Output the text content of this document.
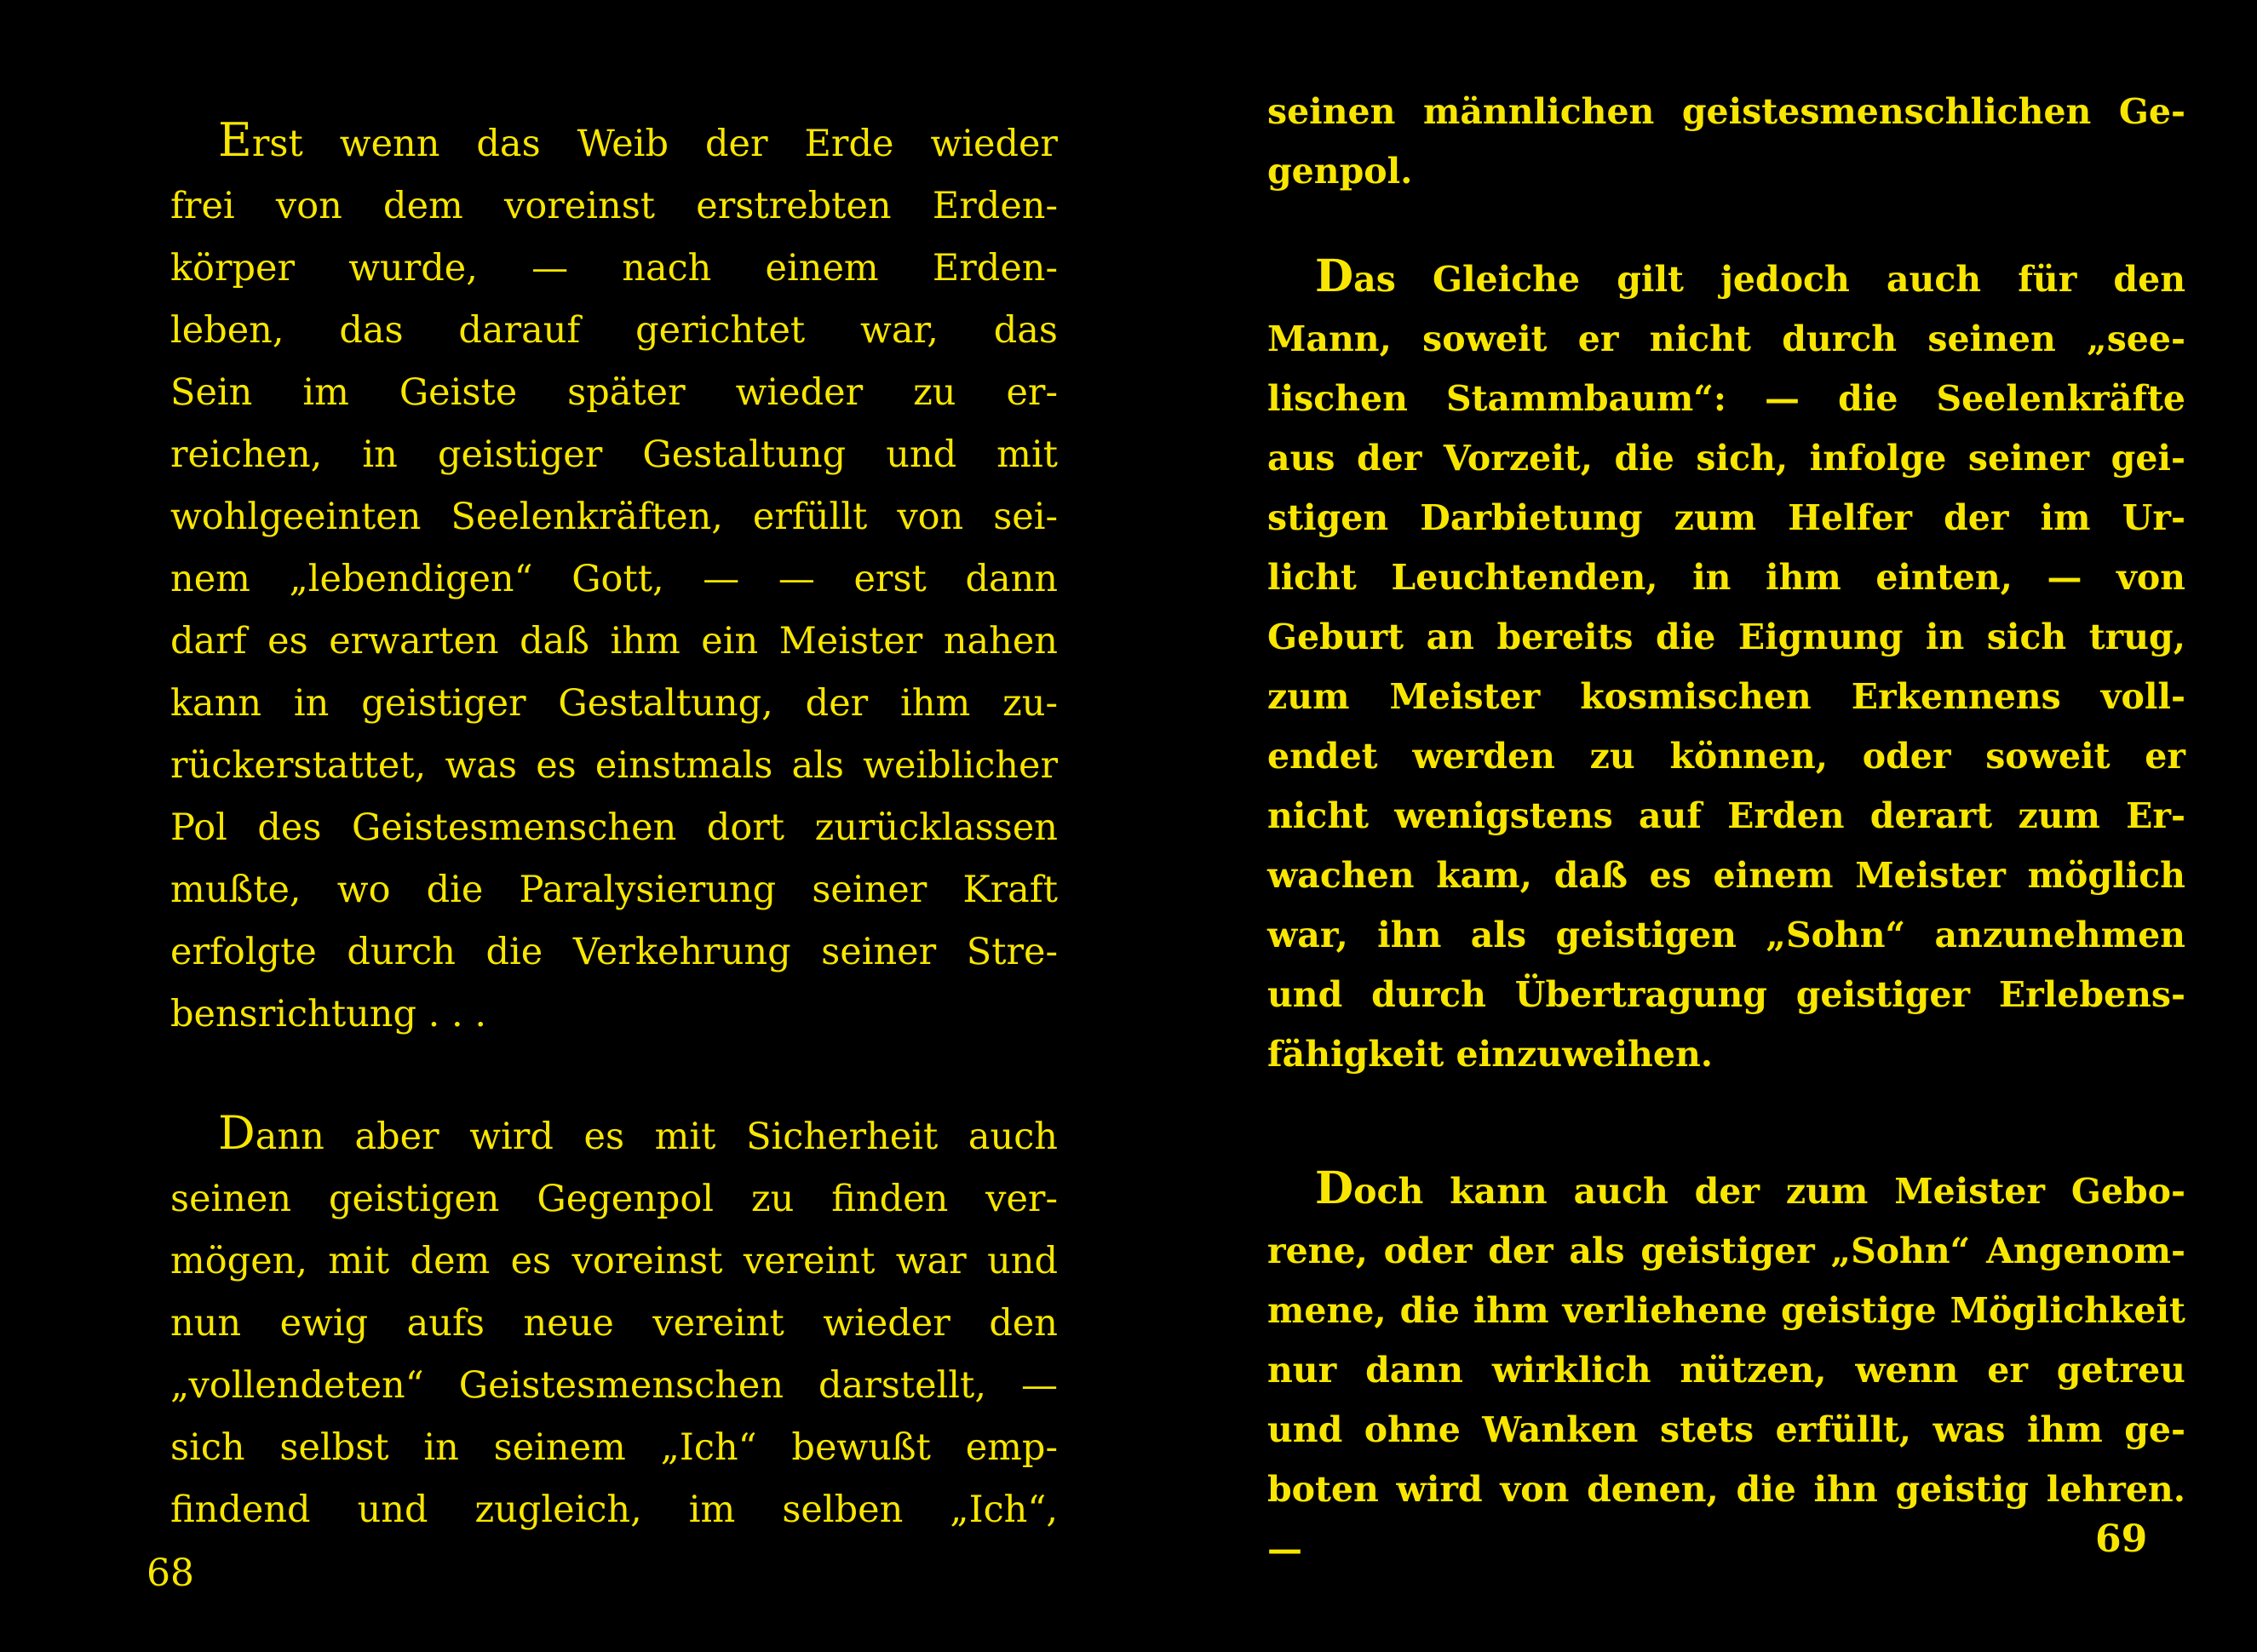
Erst wenn das Weib der Erde wieder
frei von dem voreinst erstrebten Erden-
körper wurde, — nach einem Erden-
leben, das darauf gerichtet war, das
Sein im Geiste später wieder zu er-
reichen, in geistiger Gestaltung und mit
wohlgeeinten Seelenkräften, erfüllt von sei-
nem „lebendigen“ Gott, — — erst dann
darf es erwarten daß ihm ein Meister nahen
kann in geistiger Gestaltung, der ihm zu-
rückerstattet, was es einstmals als weiblicher
Pol des Geistesmenschen dort zurücklassen
mußte, wo die Paralysierung seiner Kraft
erfolgte durch die Verkehrung seiner Stre-
bensrichtung . . .
Dann aber wird es mit Sicherheit auch
seinen geistigen Gegenpol zu finden ver-
mögen, mit dem es voreinst vereint war und
nun ewig aufs neue vereint wieder den
„vollendeten“ Geistesmenschen darstellt, —
sich selbst in seinem „Ich“ bewußt emp-
findend und zugleich, im selben „Ich“,
seinen männlichen geistesmenschlichen Ge-
genpol.
Das Gleiche gilt jedoch auch für den
Mann, soweit er nicht durch seinen „see-
lischen Stammbaum“: — die Seelenkräfte
aus der Vorzeit, die sich, infolge seiner gei-
stigen Darbietung zum Helfer der im Ur-
licht Leuchtenden, in ihm einten, — von
Geburt an bereits die Eignung in sich trug,
zum Meister kosmischen Erkennens voll-
endet werden zu können, oder soweit er
nicht wenigstens auf Erden derart zum Er-
wachen kam, daß es einem Meister möglich
war, ihn als geistigen „Sohn“ anzunehmen
und durch Übertragung geistiger Erlebens-
fähigkeit einzuweihen.
Doch kann auch der zum Meister Gebo-
rene, oder der als geistiger „Sohn“ Angenom-
mene, die ihm verliehene geistige Möglichkeit
nur dann wirklich nützen, wenn er getreu
und ohne Wanken stets erfüllt, was ihm ge-
boten wird von denen, die ihn geistig lehren. —
68
69
